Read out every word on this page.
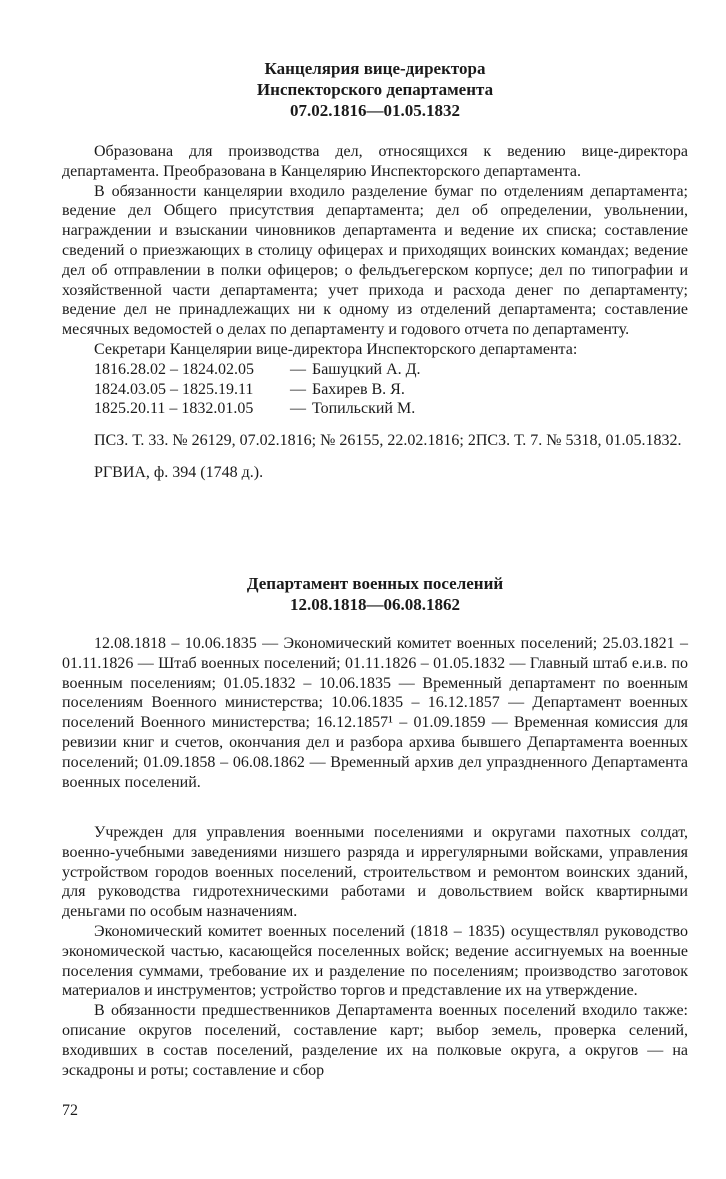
Канцелярия вице-директора
Инспекторского департамента
07.02.1816—01.05.1832

Образована для производства дел, относящихся к ведению вице-директора департамента. Преобразована в Канцелярию Инспекторского департамента.

В обязанности канцелярии входило разделение бумаг по отделениям департамента; ведение дел Общего присутствия департамента; дел об определении, увольнении, награждении и взыскании чиновников департамента и ведение их списка; составление сведений о приезжающих в столицу офицерах и приходящих воинских командах; ведение дел об отправлении в полки офицеров; о фельдъегерском корпусе; дел по типографии и хозяйственной части департамента; учет прихода и расхода денег по департаменту; ведение дел не принадлежащих ни к одному из отделений департамента; составление месячных ведомостей о делах по департаменту и годового отчета по департаменту.

Секретари Канцелярии вице-директора Инспекторского департамента:

1816.28.02 – 1824.02.05	— Башуцкий А. Д.
1824.03.05 – 1825.19.11	— Бахирев В. Я.
1825.20.11 – 1832.01.05	— Топильский М.

ПСЗ. Т. 33. № 26129, 07.02.1816; № 26155, 22.02.1816; 2ПСЗ. Т. 7. № 5318, 01.05.1832.

РГВИА, ф. 394 (1748 д.).

Департамент военных поселений
12.08.1818—06.08.1862

12.08.1818 – 10.06.1835 — Экономический комитет военных поселений; 25.03.1821 – 01.11.1826 — Штаб военных поселений; 01.11.1826 – 01.05.1832 — Главный штаб е.и.в. по военным поселениям; 01.05.1832 – 10.06.1835 — Временный департамент по военным поселениям Военного министерства; 10.06.1835 – 16.12.1857 — Департамент военных поселений Военного министерства; 16.12.1857¹ – 01.09.1859 — Временная комиссия для ревизии книг и счетов, окончания дел и разбора архива бывшего Департамента военных поселений; 01.09.1858 – 06.08.1862 — Временный архив дел упраздненного Департамента военных поселений.

Учрежден для управления военными поселениями и округами пахотных солдат, военно-учебными заведениями низшего разряда и иррегулярными войсками, управления устройством городов военных поселений, строительством и ремонтом воинских зданий, для руководства гидротехническими работами и довольствием войск квартирными деньгами по особым назначениям.

Экономический комитет военных поселений (1818 – 1835) осуществлял руководство экономической частью, касающейся поселенных войск; ведение ассигнуемых на военные поселения суммами, требование их и разделение по поселениям; производство заготовок материалов и инструментов; устройство торгов и представление их на утверждение.

В обязанности предшественников Департамента военных поселений входило также: описание округов поселений, составление карт; выбор земель, проверка селений, входивших в состав поселений, разделение их на полковые округа, а округов — на эскадроны и роты; составление и сбор

72
